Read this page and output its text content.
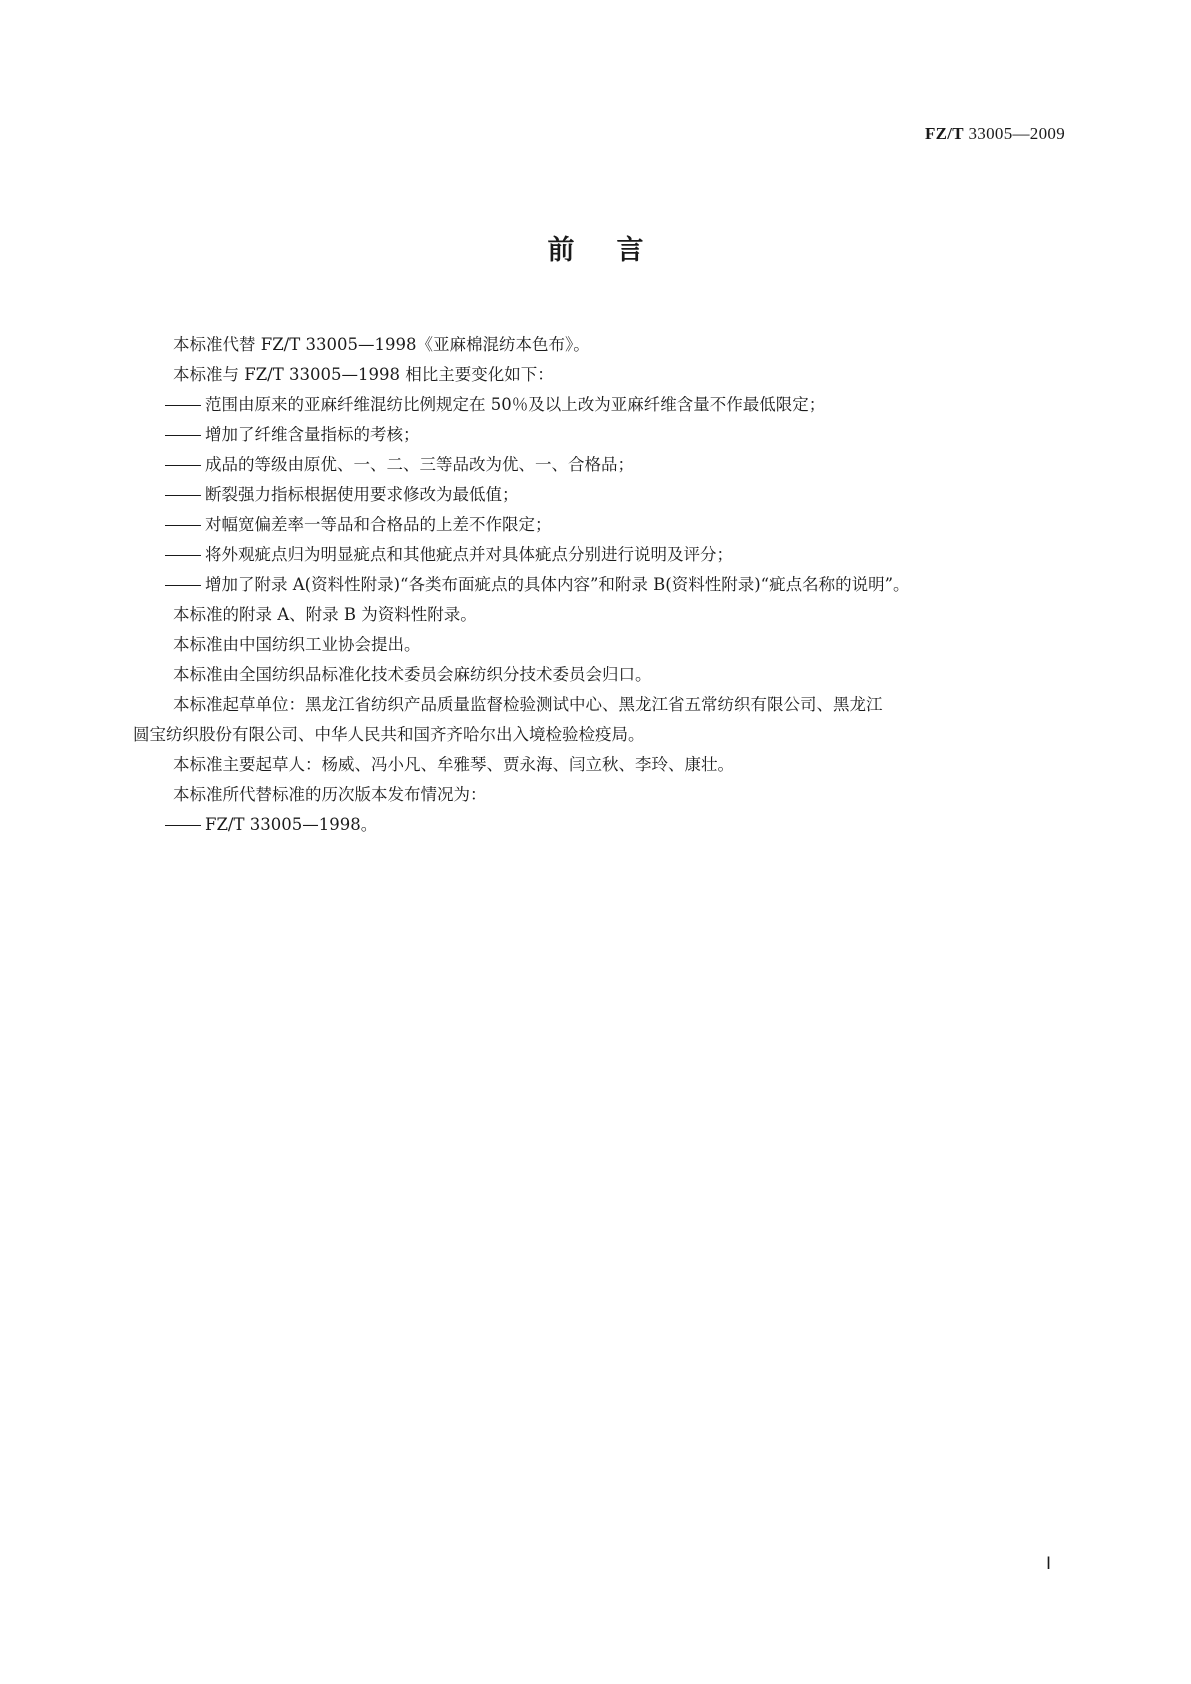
FZ/T 33005—2009
前言

本标准代替 FZ/T 33005—1998《亚麻棉混纺本色布》。

本标准与 FZ/T 33005—1998 相比主要变化如下：

范围由原来的亚麻纤维混纺比例规定在 50％及以上改为亚麻纤维含量不作最低限定；

增加了纤维含量指标的考核；

成品的等级由原优、一、二、三等品改为优、一、合格品；

断裂强力指标根据使用要求修改为最低值；

对幅宽偏差率一等品和合格品的上差不作限定；

将外观疵点归为明显疵点和其他疵点并对具体疵点分别进行说明及评分；

增加了附录 A(资料性附录)“各类布面疵点的具体内容”和附录 B(资料性附录)“疵点名称的说明”。

本标准的附录 A、附录 B 为资料性附录。

本标准由中国纺织工业协会提出。

本标准由全国纺织品标准化技术委员会麻纺织分技术委员会归口。

本标准起草单位：黑龙江省纺织产品质量监督检验测试中心、黑龙江省五常纺织有限公司、黑龙江

圆宝纺织股份有限公司、中华人民共和国齐齐哈尔出入境检验检疫局。

本标准主要起草人：杨威、冯小凡、牟雅琴、贾永海、闫立秋、李玲、康壮。

本标准所代替标准的历次版本发布情况为：

FZ/T 33005—1998。

Ⅰ
